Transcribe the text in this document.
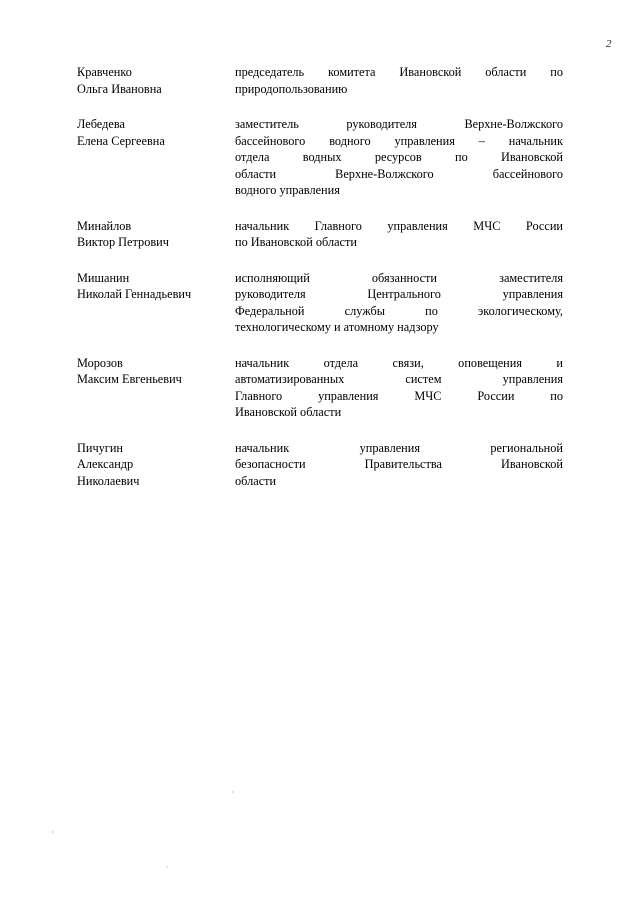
2
Кравченко
Ольга Ивановна
председатель комитета Ивановской области по
природопользованию
Лебедева
Елена Сергеевна
заместитель руководителя Верхне-Волжского
бассейнового водного управления – начальник
отдела водных ресурсов по Ивановской
области Верхне-Волжского бассейнового
водного управления
Минайлов
Виктор Петрович
начальник Главного управления МЧС России
по Ивановской области
Мишанин
Николай Геннадьевич
исполняющий обязанности заместителя
руководителя Центрального управления
Федеральной службы по экологическому,
технологическому и атомному надзору
Морозов
Максим Евгеньевич
начальник отдела связи, оповещения и
автоматизированных систем управления
Главного управления МЧС России по
Ивановской области
Пичугин
Александр
Николаевич
начальник управления региональной
безопасности Правительства Ивановской
области
